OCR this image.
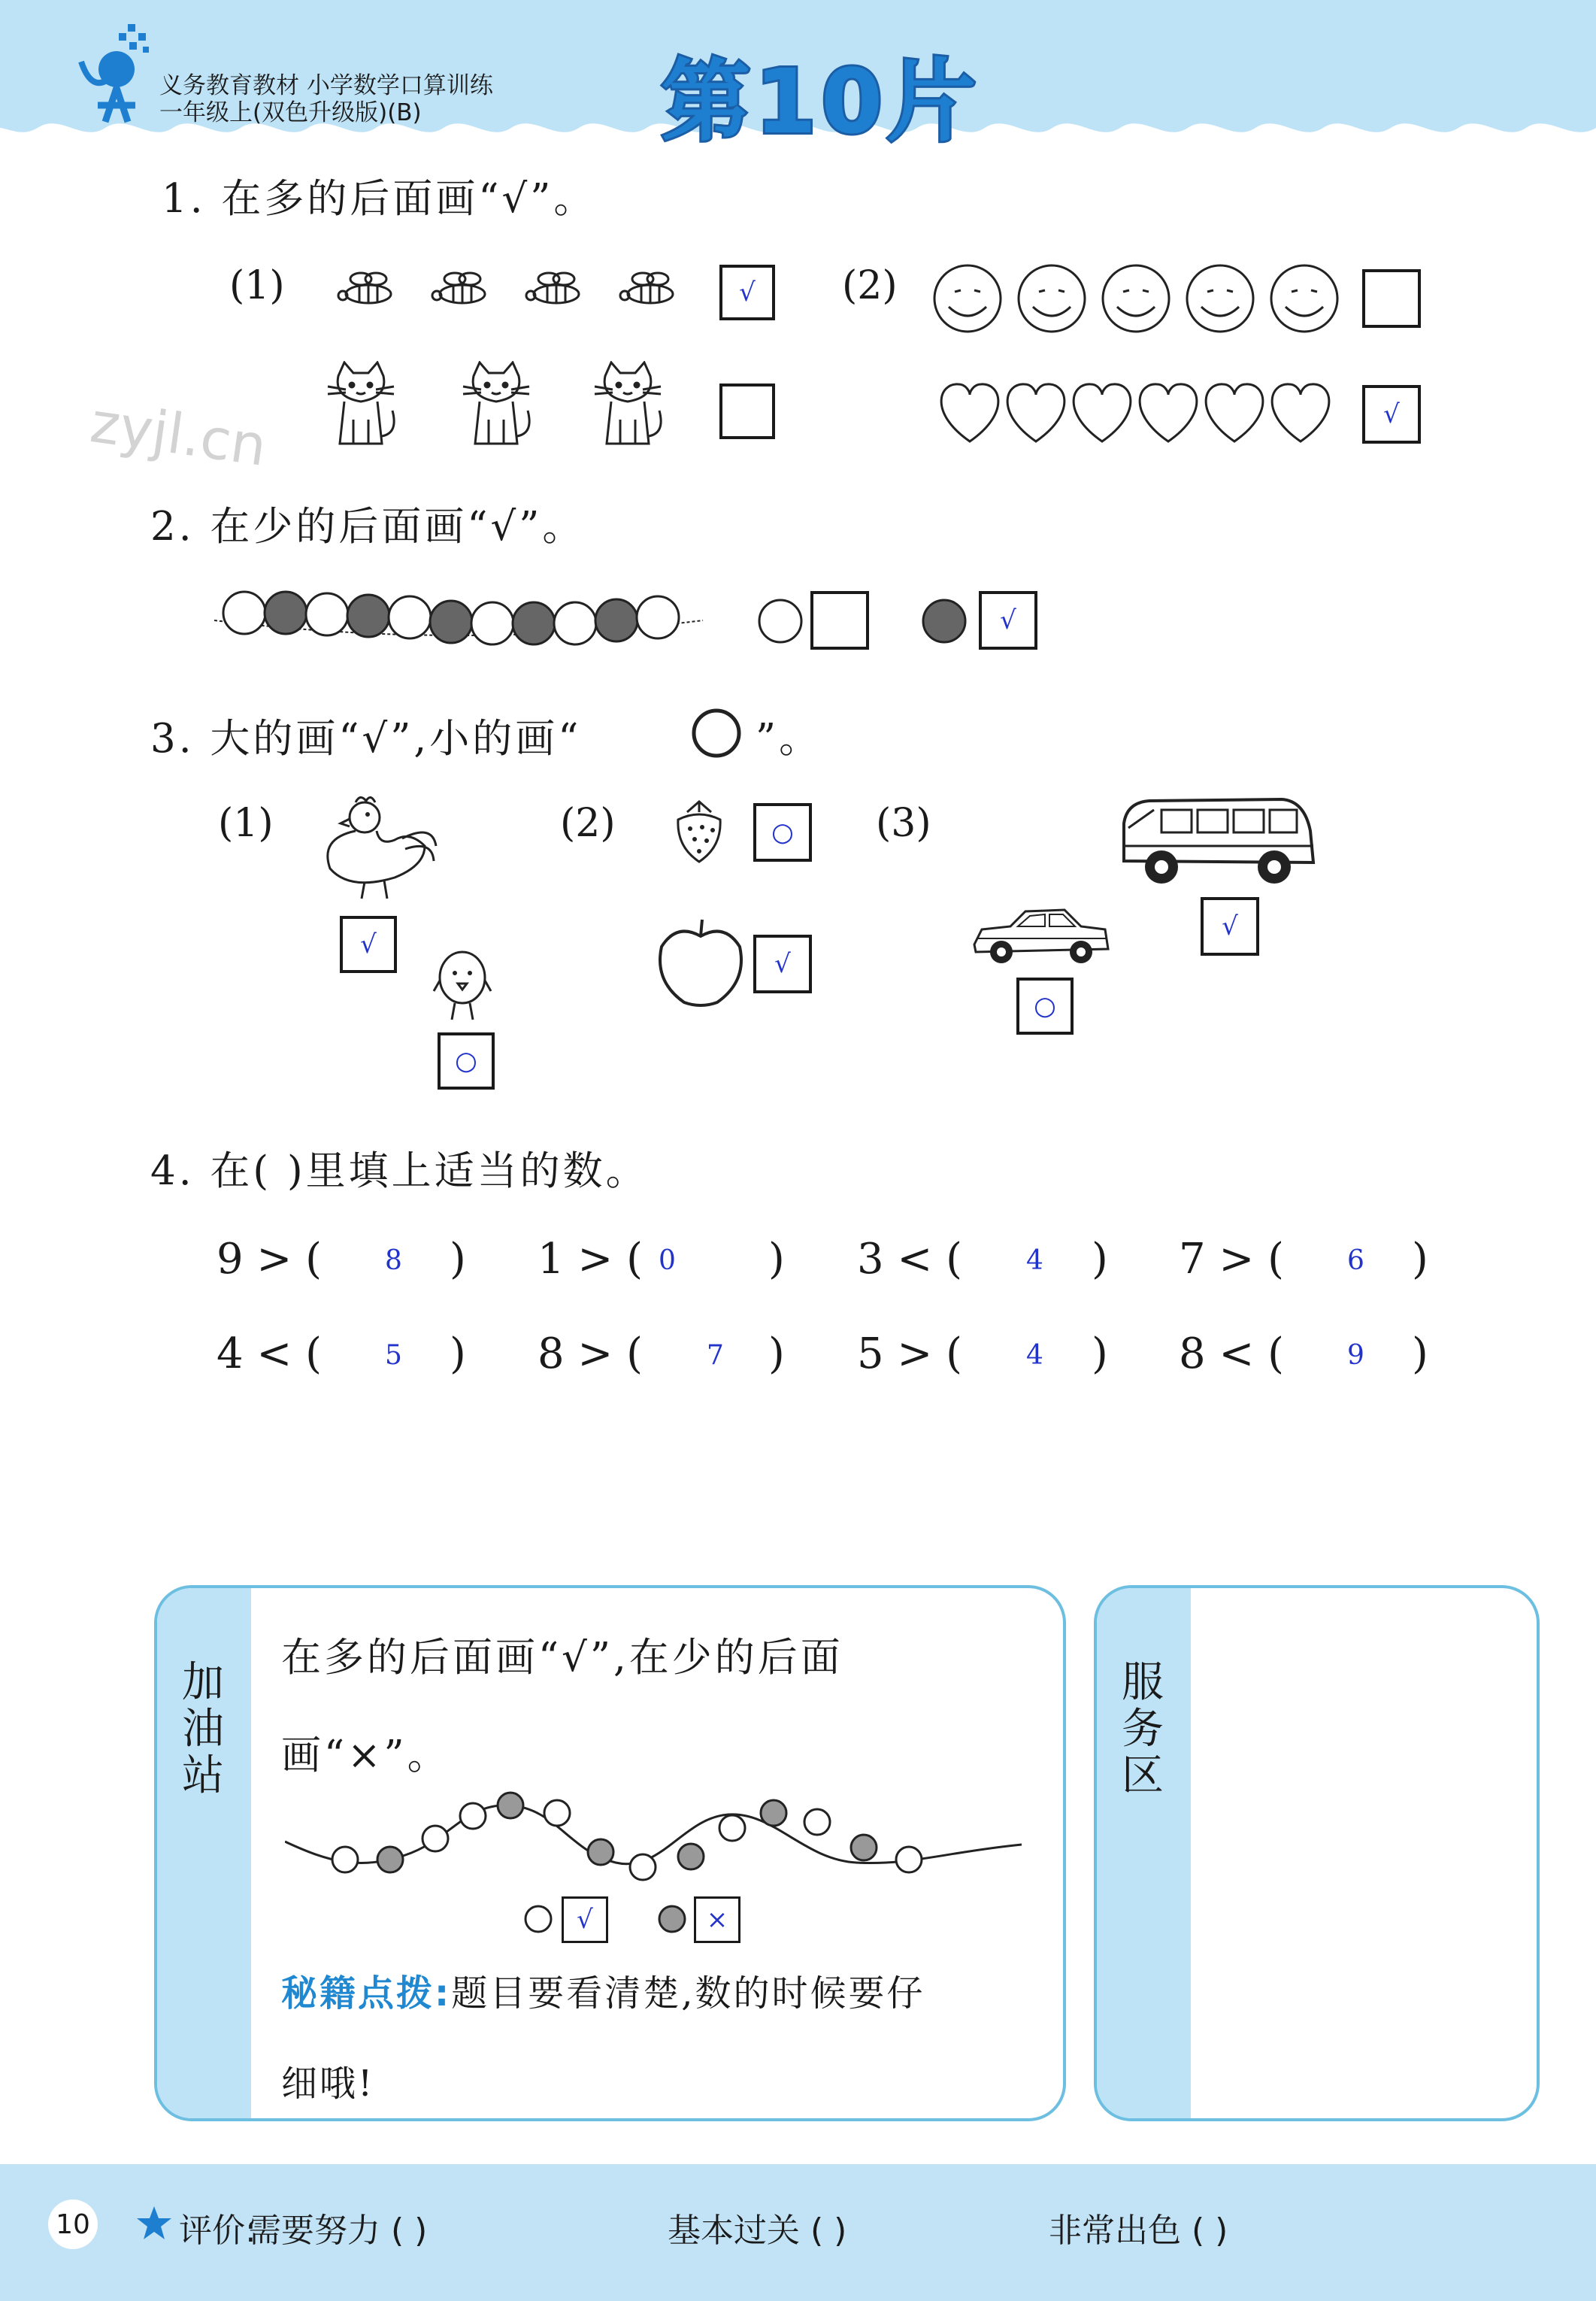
义务教育教材 小学数学口算训练
一年级上(双色升级版)(B)	第10片
zyjl.cn
1. 在多的后面画“√”。
(1)	(2)
√
√
2. 在少的后面画“√”。
√
3. 大的画“√”,小的画“	”。
(1)	(2)	(3)
√
○
○
√
√
○
4. 在( )里填上适当的数。
9 > ( 8 ) 1 > ( 0 ) 3 < ( 4 ) 7 > ( 6 )
4 < ( 5 ) 8 > ( 7 ) 5 > ( 4 ) 8 < ( 9 )
加油站
在多的后面画“√”,在少的后面
画“×”。
√	×
秘籍点拨:题目要看清楚,数的时候要仔
细哦!
服务区
10	评价:
需要努力 ( )	基本过关 ( )	非常出色 ( )
